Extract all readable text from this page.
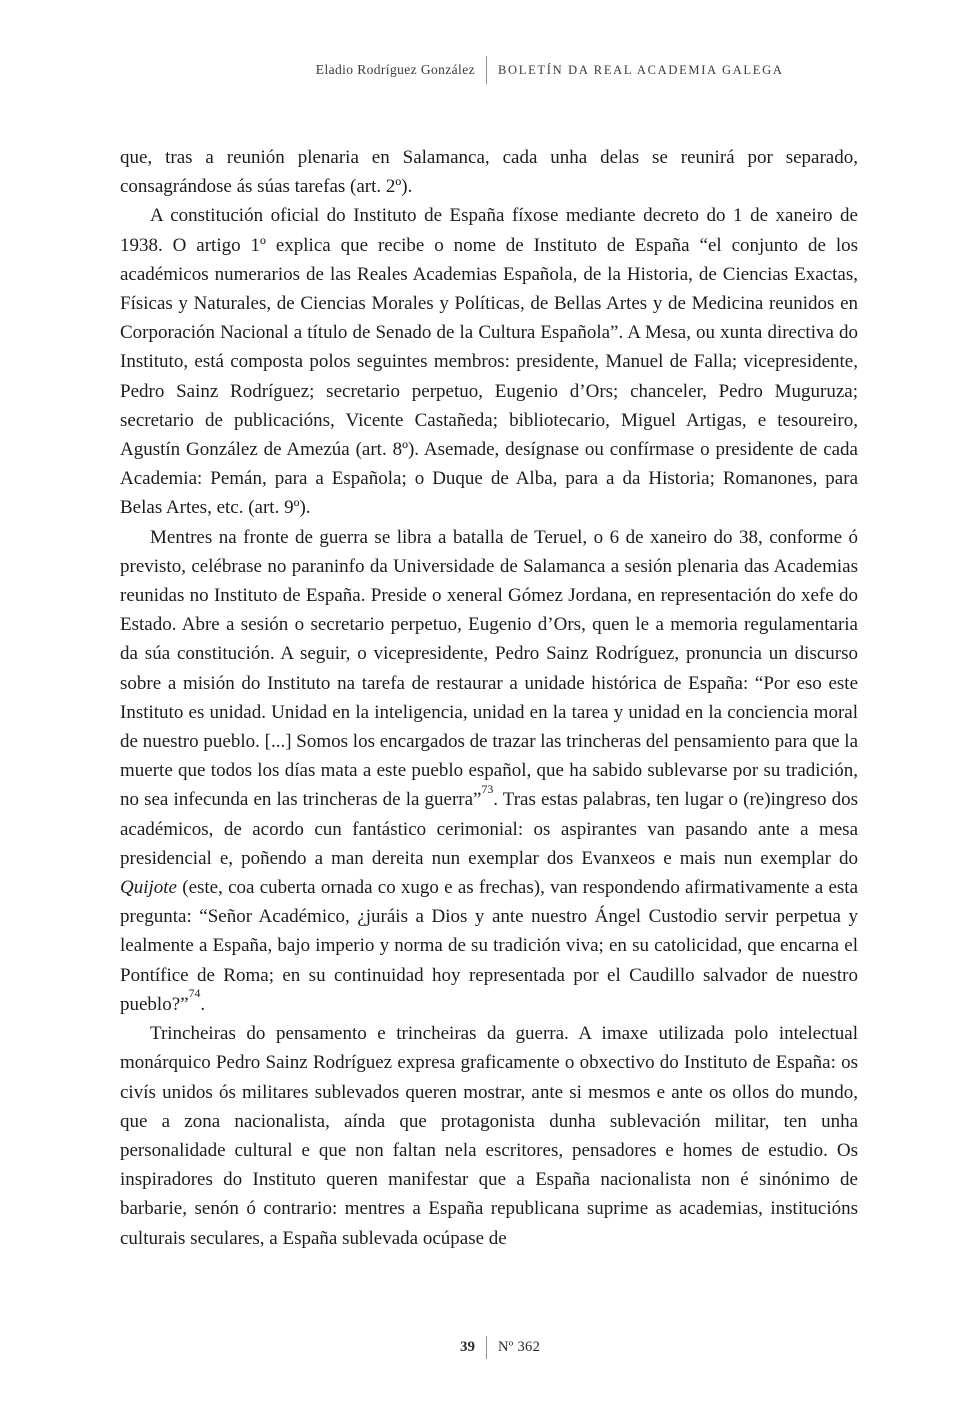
Eladio Rodríguez González BOLETÍN DA REAL ACADEMIA GALEGA

que, tras a reunión plenaria en Salamanca, cada unha delas se reunirá por separado, consagrándose ás súas tarefas (art. 2º).

A constitución oficial do Instituto de España fíxose mediante decreto do 1 de xaneiro de 1938. O artigo 1º explica que recibe o nome de Instituto de España “el conjunto de los académicos numerarios de las Reales Academias Española, de la Historia, de Ciencias Exactas, Físicas y Naturales, de Ciencias Morales y Políticas, de Bellas Artes y de Medicina reunidos en Corporación Nacional a título de Senado de la Cultura Española”. A Mesa, ou xunta directiva do Instituto, está composta polos seguintes membros: presidente, Manuel de Falla; vicepresidente, Pedro Sainz Rodríguez; secretario perpetuo, Eugenio d’Ors; chanceler, Pedro Muguruza; secretario de publicacións, Vicente Castañeda; bibliotecario, Miguel Artigas, e tesoureiro, Agustín González de Amezúa (art. 8º). Asemade, desígnase ou confírmase o presidente de cada Academia: Pemán, para a Española; o Duque de Alba, para a da Historia; Romanones, para Belas Artes, etc. (art. 9º).

Mentres na fronte de guerra se libra a batalla de Teruel, o 6 de xaneiro do 38, conforme ó previsto, celébrase no paraninfo da Universidade de Salamanca a sesión plenaria das Academias reunidas no Instituto de España. Preside o xeneral Gómez Jordana, en representación do xefe do Estado. Abre a sesión o secretario perpetuo, Eugenio d’Ors, quen le a memoria regulamentaria da súa constitución. A seguir, o vicepresidente, Pedro Sainz Rodríguez, pronuncia un discurso sobre a misión do Instituto na tarefa de restaurar a unidade histórica de España: “Por eso este Instituto es unidad. Unidad en la inteligencia, unidad en la tarea y unidad en la conciencia moral de nuestro pueblo. [...] Somos los encargados de trazar las trincheras del pensamiento para que la muerte que todos los días mata a este pueblo español, que ha sabido sublevarse por su tradición, no sea infecunda en las trincheras de la guerra”$^{73}$. Tras estas palabras, ten lugar o (re)ingreso dos académicos, de acordo cun fantástico cerimonial: os aspirantes van pasando ante a mesa presidencial e, poñendo a man dereita nun exemplar dos Evanxeos e mais nun exemplar do Quijote (este, coa cuberta ornada co xugo e as frechas), van respondendo afirmativamente a esta pregunta: “Señor Académico, ¿juráis a Dios y ante nuestro Ángel Custodio servir perpetua y lealmente a España, bajo imperio y norma de su tradición viva; en su catolicidad, que encarna el Pontífice de Roma; en su continuidad hoy representada por el Caudillo salvador de nuestro pueblo?”$^{74}$.

Trincheiras do pensamento e trincheiras da guerra. A imaxe utilizada polo intelectual monárquico Pedro Sainz Rodríguez expresa graficamente o obxectivo do Instituto de España: os civís unidos ós militares sublevados queren mostrar, ante si mesmos e ante os ollos do mundo, que a zona nacionalista, aínda que protagonista dunha sublevación militar, ten unha personalidade cultural e que non faltan nela escritores, pensadores e homes de estudio. Os inspiradores do Instituto queren manifestar que a España nacionalista non é sinónimo de barbarie, senón ó contrario: mentres a España republicana suprime as academias, institucións culturais seculares, a España sublevada ocúpase de

39 Nº 362
